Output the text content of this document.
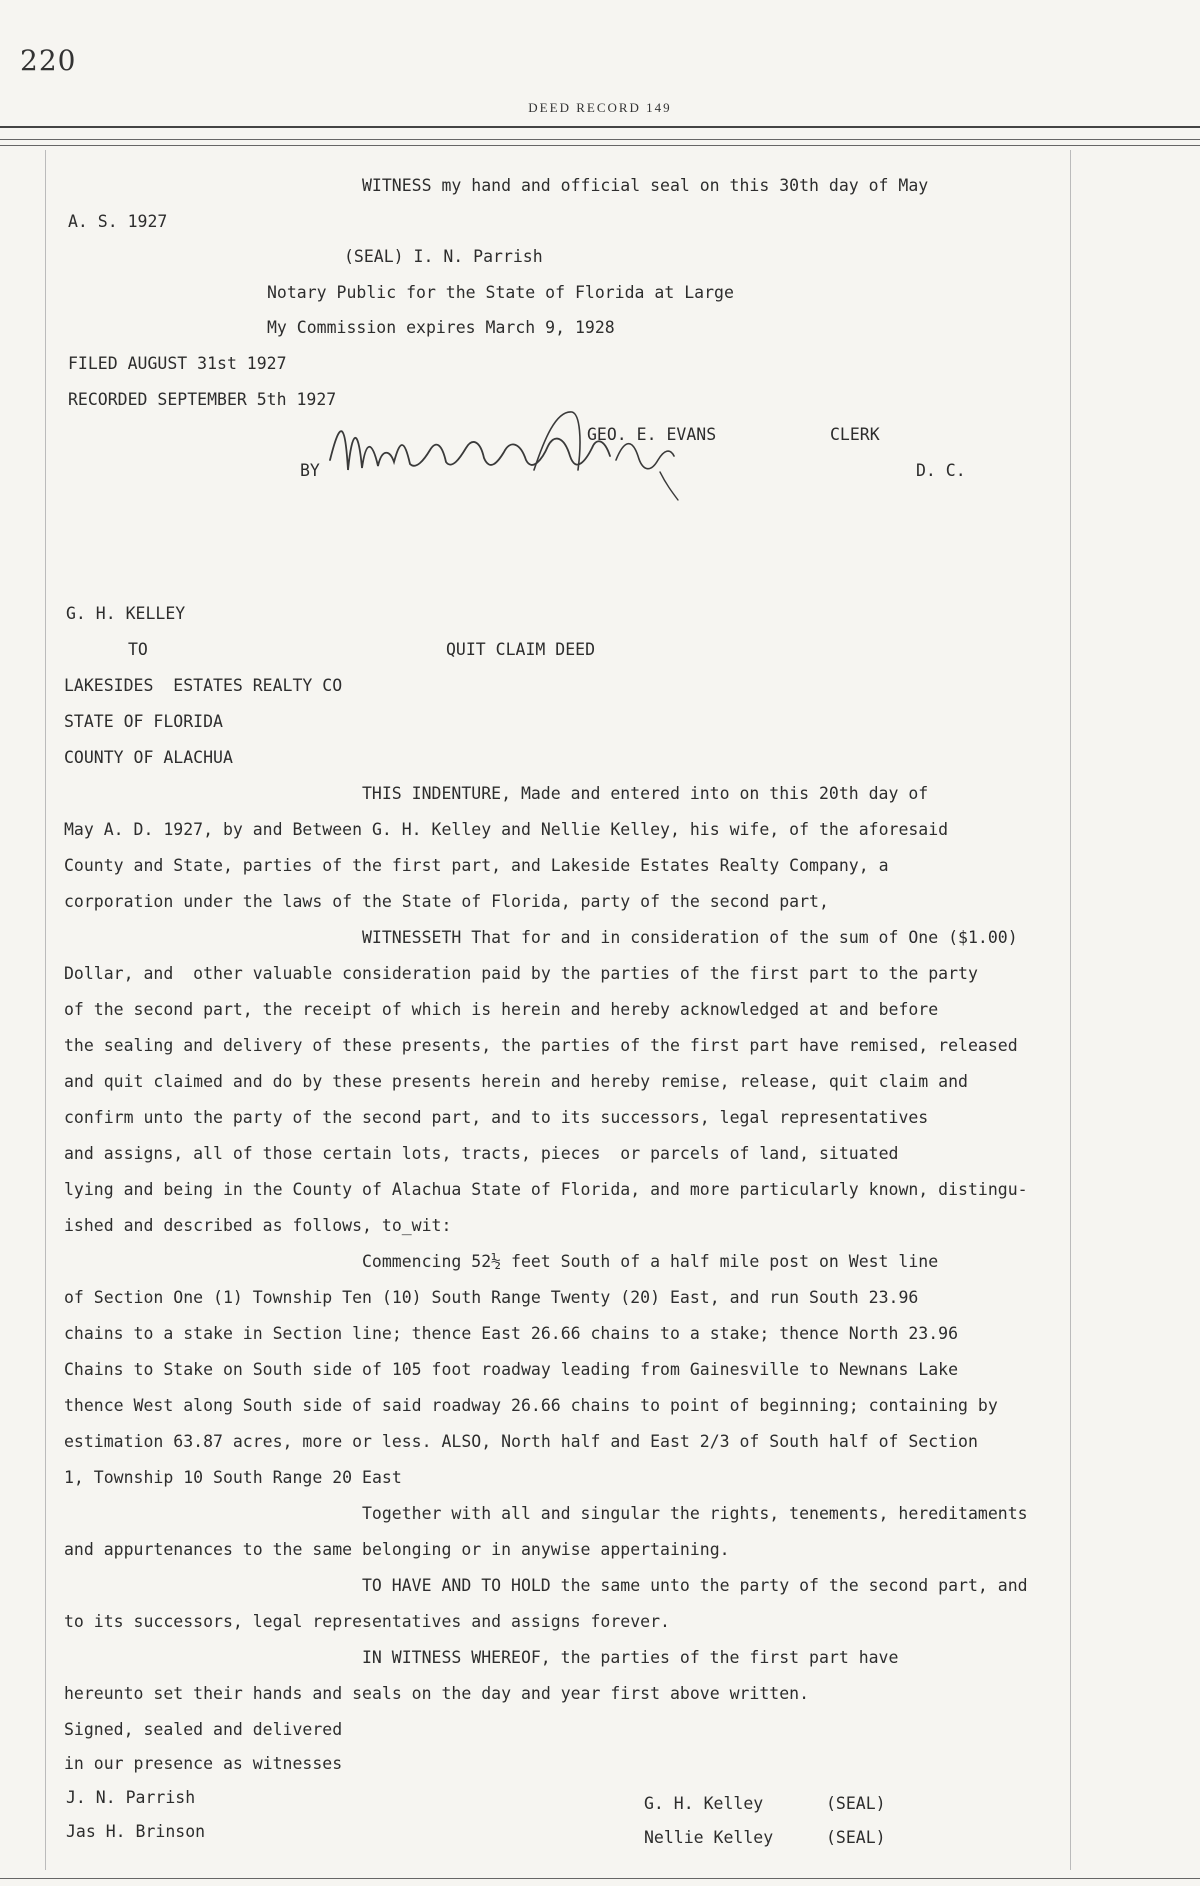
220
DEED RECORD 149
WITNESS my hand and official seal on this 30th day of May
A. S. 1927
(SEAL) I. N. Parrish
Notary Public for the State of Florida at Large
My Commission expires March 9, 1928
FILED AUGUST 31st 1927
RECORDED SEPTEMBER 5th 1927
GEO. E. EVANS	CLERK
BY	D. C.
G. H. KELLEY
TO	QUIT CLAIM DEED
LAKESIDES  ESTATES REALTY CO
STATE OF FLORIDA
COUNTY OF ALACHUA
THIS INDENTURE, Made and entered into on this 20th day of
May A. D. 1927, by and Between G. H. Kelley and Nellie Kelley, his wife, of the aforesaid
County and State, parties of the first part, and Lakeside Estates Realty Company, a
corporation under the laws of the State of Florida, party of the second part,
WITNESSETH That for and in consideration of the sum of One ($1.00)
Dollar, and  other valuable consideration paid by the parties of the first part to the party
of the second part, the receipt of which is herein and hereby acknowledged at and before
the sealing and delivery of these presents, the parties of the first part have remised, released
and quit claimed and do by these presents herein and hereby remise, release, quit claim and
confirm unto the party of the second part, and to its successors, legal representatives
and assigns, all of those certain lots, tracts, pieces  or parcels of land, situated
lying and being in the County of Alachua State of Florida, and more particularly known, distingu-
ished and described as follows, to_wit:
Commencing 52½ feet South of a half mile post on West line
of Section One (1) Township Ten (10) South Range Twenty (20) East, and run South 23.96
chains to a stake in Section line; thence East 26.66 chains to a stake; thence North 23.96
Chains to Stake on South side of 105 foot roadway leading from Gainesville to Newnans Lake
thence West along South side of said roadway 26.66 chains to point of beginning; containing by
estimation 63.87 acres, more or less. ALSO, North half and East 2/3 of South half of Section
1, Township 10 South Range 20 East
Together with all and singular the rights, tenements, hereditaments
and appurtenances to the same belonging or in anywise appertaining.
TO HAVE AND TO HOLD the same unto the party of the second part, and
to its successors, legal representatives and assigns forever.
IN WITNESS WHEREOF, the parties of the first part have
hereunto set their hands and seals on the day and year first above written.
Signed, sealed and delivered
in our presence as witnesses
J. N. Parrish
Jas H. Brinson
G. H. Kelley	(SEAL)
Nellie Kelley	(SEAL)
